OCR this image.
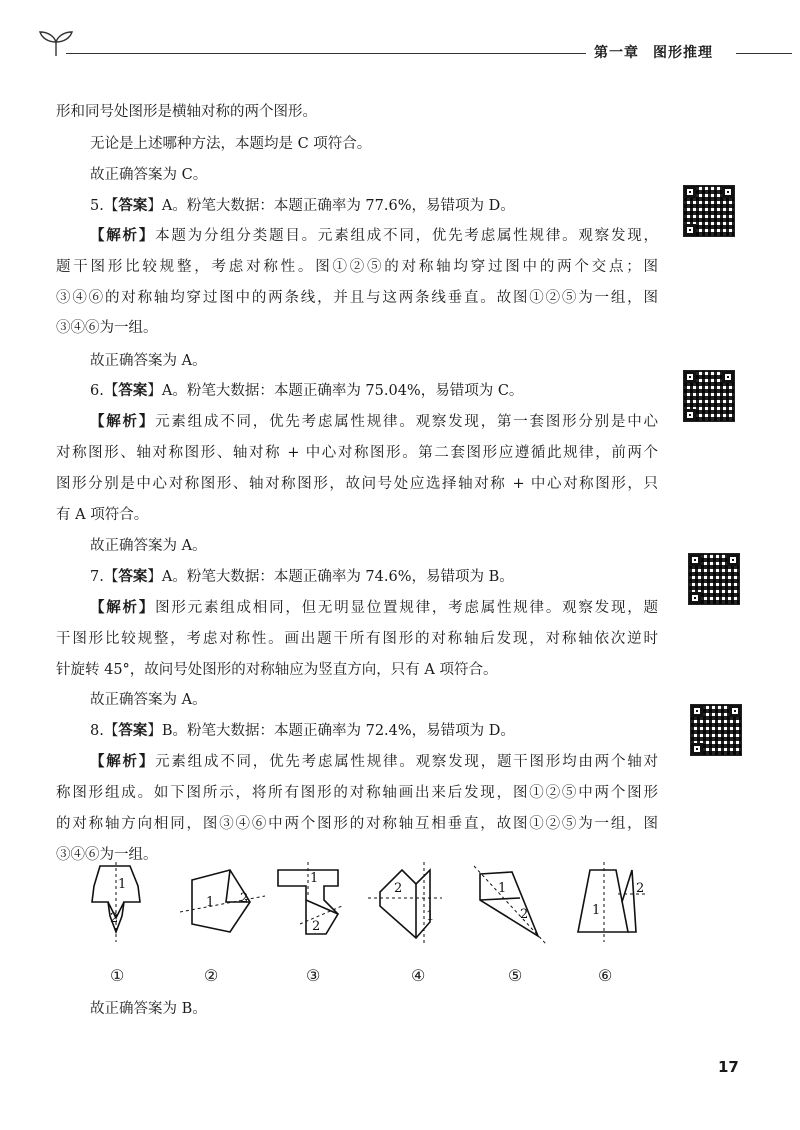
第一章 图形推理

形和同号处图形是横轴对称的两个图形。

无论是上述哪种方法，本题均是 C 项符合。

故正确答案为 C。

5.【答案】A。粉笔大数据：本题正确率为 77.6%，易错项为 D。

【解析】本题为分组分类题目。元素组成不同，优先考虑属性规律。观察发现，

题干图形比较规整，考虑对称性。图①②⑤的对称轴均穿过图中的两个交点；图

③④⑥的对称轴均穿过图中的两条线，并且与这两条线垂直。故图①②⑤为一组，图

③④⑥为一组。

故正确答案为 A。

6.【答案】A。粉笔大数据：本题正确率为 75.04%，易错项为 C。

【解析】元素组成不同，优先考虑属性规律。观察发现，第一套图形分别是中心

对称图形、轴对称图形、轴对称 + 中心对称图形。第二套图形应遵循此规律，前两个

图形分别是中心对称图形、轴对称图形，故问号处应选择轴对称 + 中心对称图形，只

有 A 项符合。

故正确答案为 A。

7.【答案】A。粉笔大数据：本题正确率为 74.6%，易错项为 B。

【解析】图形元素组成相同，但无明显位置规律，考虑属性规律。观察发现，题

干图形比较规整，考虑对称性。画出题干所有图形的对称轴后发现，对称轴依次逆时

针旋转 45°，故问号处图形的对称轴应为竖直方向，只有 A 项符合。

故正确答案为 A。

8.【答案】B。粉笔大数据：本题正确率为 72.4%，易错项为 D。

【解析】元素组成不同，优先考虑属性规律。观察发现，题干图形均由两个轴对

称图形组成。如下图所示，将所有图形的对称轴画出来后发现，图①②⑤中两个图形

的对称轴方向相同，图③④⑥中两个图形的对称轴互相垂直，故图①②⑤为一组，图

③④⑥为一组。

1
2
1 2
1
2
2
1
1
2	1
2
①	②	③	④	⑤	⑥

故正确答案为 B。

17
